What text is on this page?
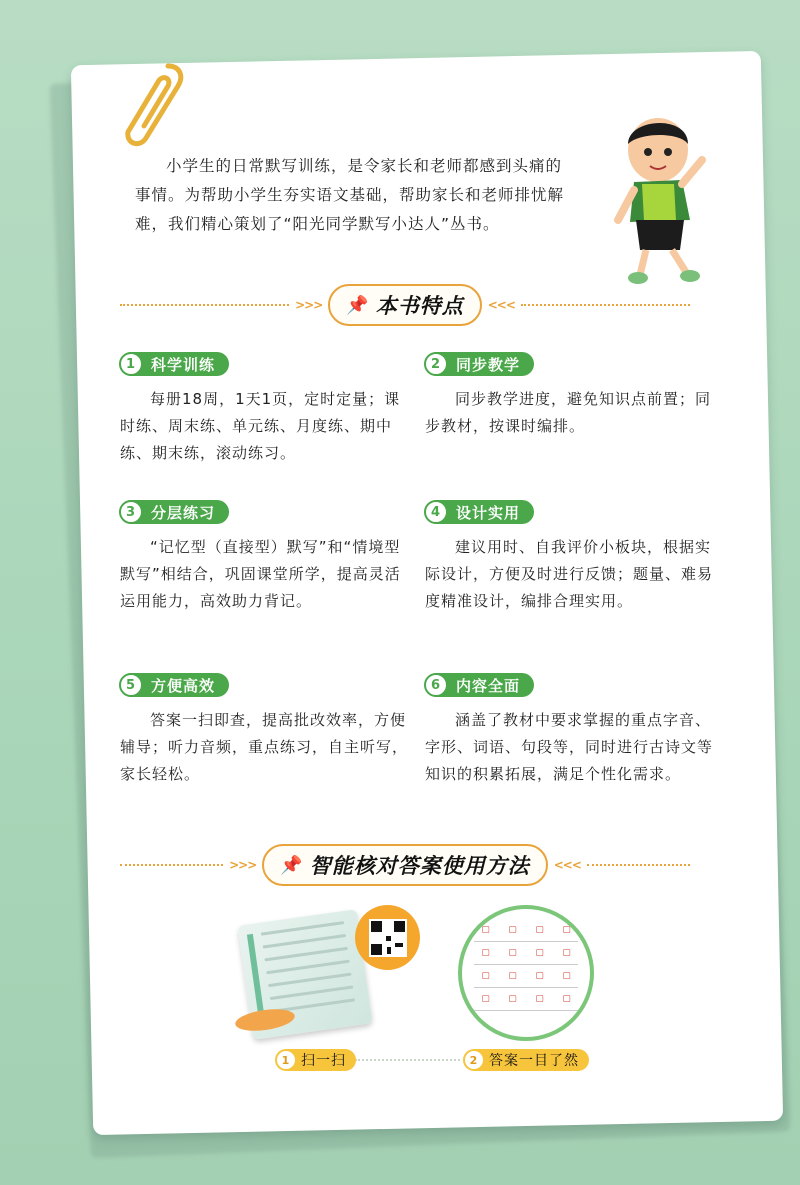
小学生的日常默写训练，是令家长和老师都感到头痛的事情。为帮助小学生夯实语文基础，帮助家长和老师排忧解难，我们精心策划了“阳光同学默写小达人”丛书。

>>> 📌 本书特点 <<<
1 科学训练

每册18周，1天1页，定时定量；课时练、周末练、单元练、月度练、期中练、期末练，滚动练习。

2 同步教学

同步教学进度，避免知识点前置；同步教材，按课时编排。

3 分层练习

“记忆型（直接型）默写”和“情境型默写”相结合，巩固课堂所学，提高灵活运用能力，高效助力背记。

4 设计实用

建议用时、自我评价小板块，根据实际设计，方便及时进行反馈；题量、难易度精准设计，编排合理实用。

5 方便高效

答案一扫即查，提高批改效率，方便辅导；听力音频，重点练习，自主听写，家长轻松。

6 内容全面

涵盖了教材中要求掌握的重点字音、字形、词语、句段等，同时进行古诗文等知识的积累拓展，满足个性化需求。

>>> 📌 智能核对答案使用方法 <<<
▢ ▢ ▢ ▢
▢ ▢ ▢ ▢
▢ ▢ ▢ ▢
▢ ▢ ▢ ▢
1 扫一扫	2 答案一目了然
